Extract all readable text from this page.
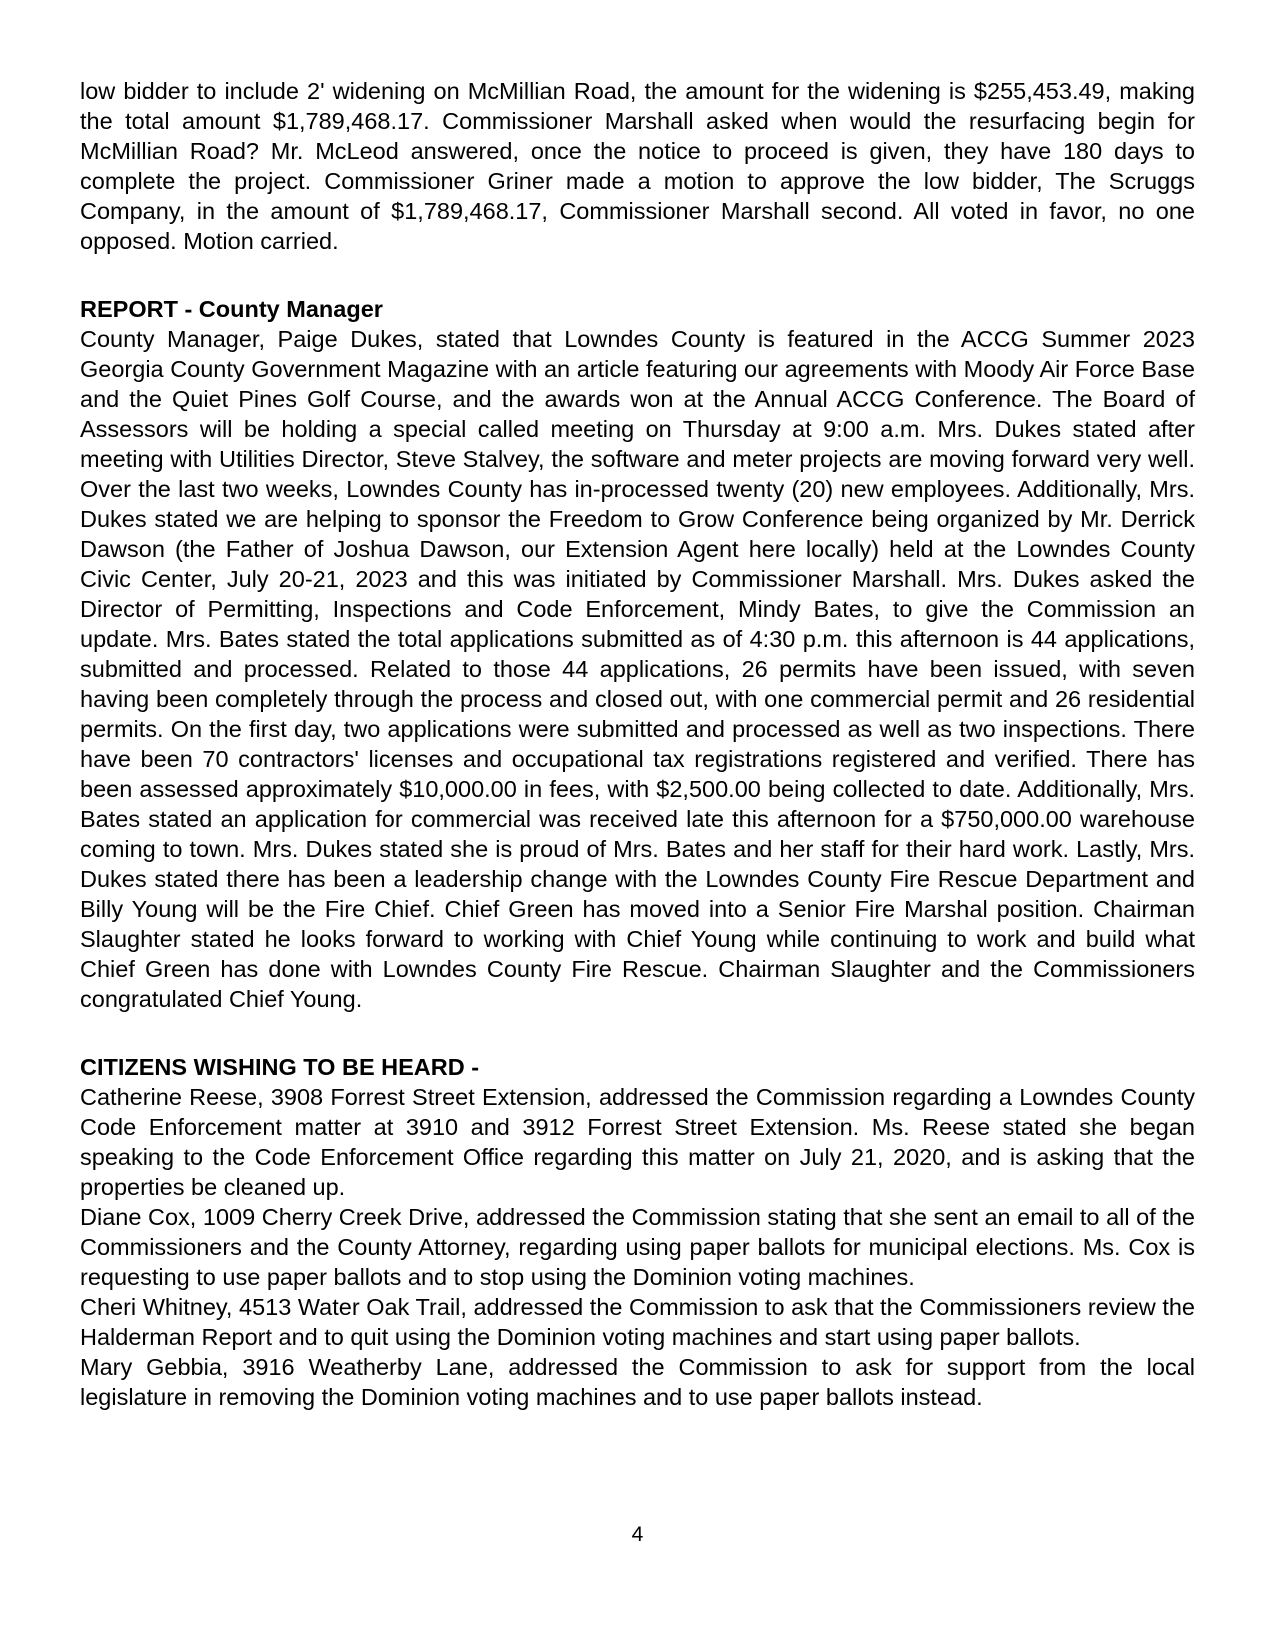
low bidder to include 2' widening on McMillian Road, the amount for the widening is $255,453.49, making the total amount $1,789,468.17. Commissioner Marshall asked when would the resurfacing begin for McMillian Road? Mr. McLeod answered, once the notice to proceed is given, they have 180 days to complete the project. Commissioner Griner made a motion to approve the low bidder, The Scruggs Company, in the amount of $1,789,468.17, Commissioner Marshall second. All voted in favor, no one opposed. Motion carried.

REPORT - County Manager

County Manager, Paige Dukes, stated that Lowndes County is featured in the ACCG Summer 2023 Georgia County Government Magazine with an article featuring our agreements with Moody Air Force Base and the Quiet Pines Golf Course, and the awards won at the Annual ACCG Conference. The Board of Assessors will be holding a special called meeting on Thursday at 9:00 a.m. Mrs. Dukes stated after meeting with Utilities Director, Steve Stalvey, the software and meter projects are moving forward very well. Over the last two weeks, Lowndes County has in-processed twenty (20) new employees. Additionally, Mrs. Dukes stated we are helping to sponsor the Freedom to Grow Conference being organized by Mr. Derrick Dawson (the Father of Joshua Dawson, our Extension Agent here locally) held at the Lowndes County Civic Center, July 20-21, 2023 and this was initiated by Commissioner Marshall. Mrs. Dukes asked the Director of Permitting, Inspections and Code Enforcement, Mindy Bates, to give the Commission an update. Mrs. Bates stated the total applications submitted as of 4:30 p.m. this afternoon is 44 applications, submitted and processed. Related to those 44 applications, 26 permits have been issued, with seven having been completely through the process and closed out, with one commercial permit and 26 residential permits. On the first day, two applications were submitted and processed as well as two inspections. There have been 70 contractors' licenses and occupational tax registrations registered and verified. There has been assessed approximately $10,000.00 in fees, with $2,500.00 being collected to date. Additionally, Mrs. Bates stated an application for commercial was received late this afternoon for a $750,000.00 warehouse coming to town. Mrs. Dukes stated she is proud of Mrs. Bates and her staff for their hard work. Lastly, Mrs. Dukes stated there has been a leadership change with the Lowndes County Fire Rescue Department and Billy Young will be the Fire Chief. Chief Green has moved into a Senior Fire Marshal position. Chairman Slaughter stated he looks forward to working with Chief Young while continuing to work and build what Chief Green has done with Lowndes County Fire Rescue. Chairman Slaughter and the Commissioners congratulated Chief Young.

CITIZENS WISHING TO BE HEARD -

Catherine Reese, 3908 Forrest Street Extension, addressed the Commission regarding a Lowndes County Code Enforcement matter at 3910 and 3912 Forrest Street Extension. Ms. Reese stated she began speaking to the Code Enforcement Office regarding this matter on July 21, 2020, and is asking that the properties be cleaned up.

Diane Cox, 1009 Cherry Creek Drive, addressed the Commission stating that she sent an email to all of the Commissioners and the County Attorney, regarding using paper ballots for municipal elections. Ms. Cox is requesting to use paper ballots and to stop using the Dominion voting machines.

Cheri Whitney, 4513 Water Oak Trail, addressed the Commission to ask that the Commissioners review the Halderman Report and to quit using the Dominion voting machines and start using paper ballots.

Mary Gebbia, 3916 Weatherby Lane, addressed the Commission to ask for support from the local legislature in removing the Dominion voting machines and to use paper ballots instead.

4
